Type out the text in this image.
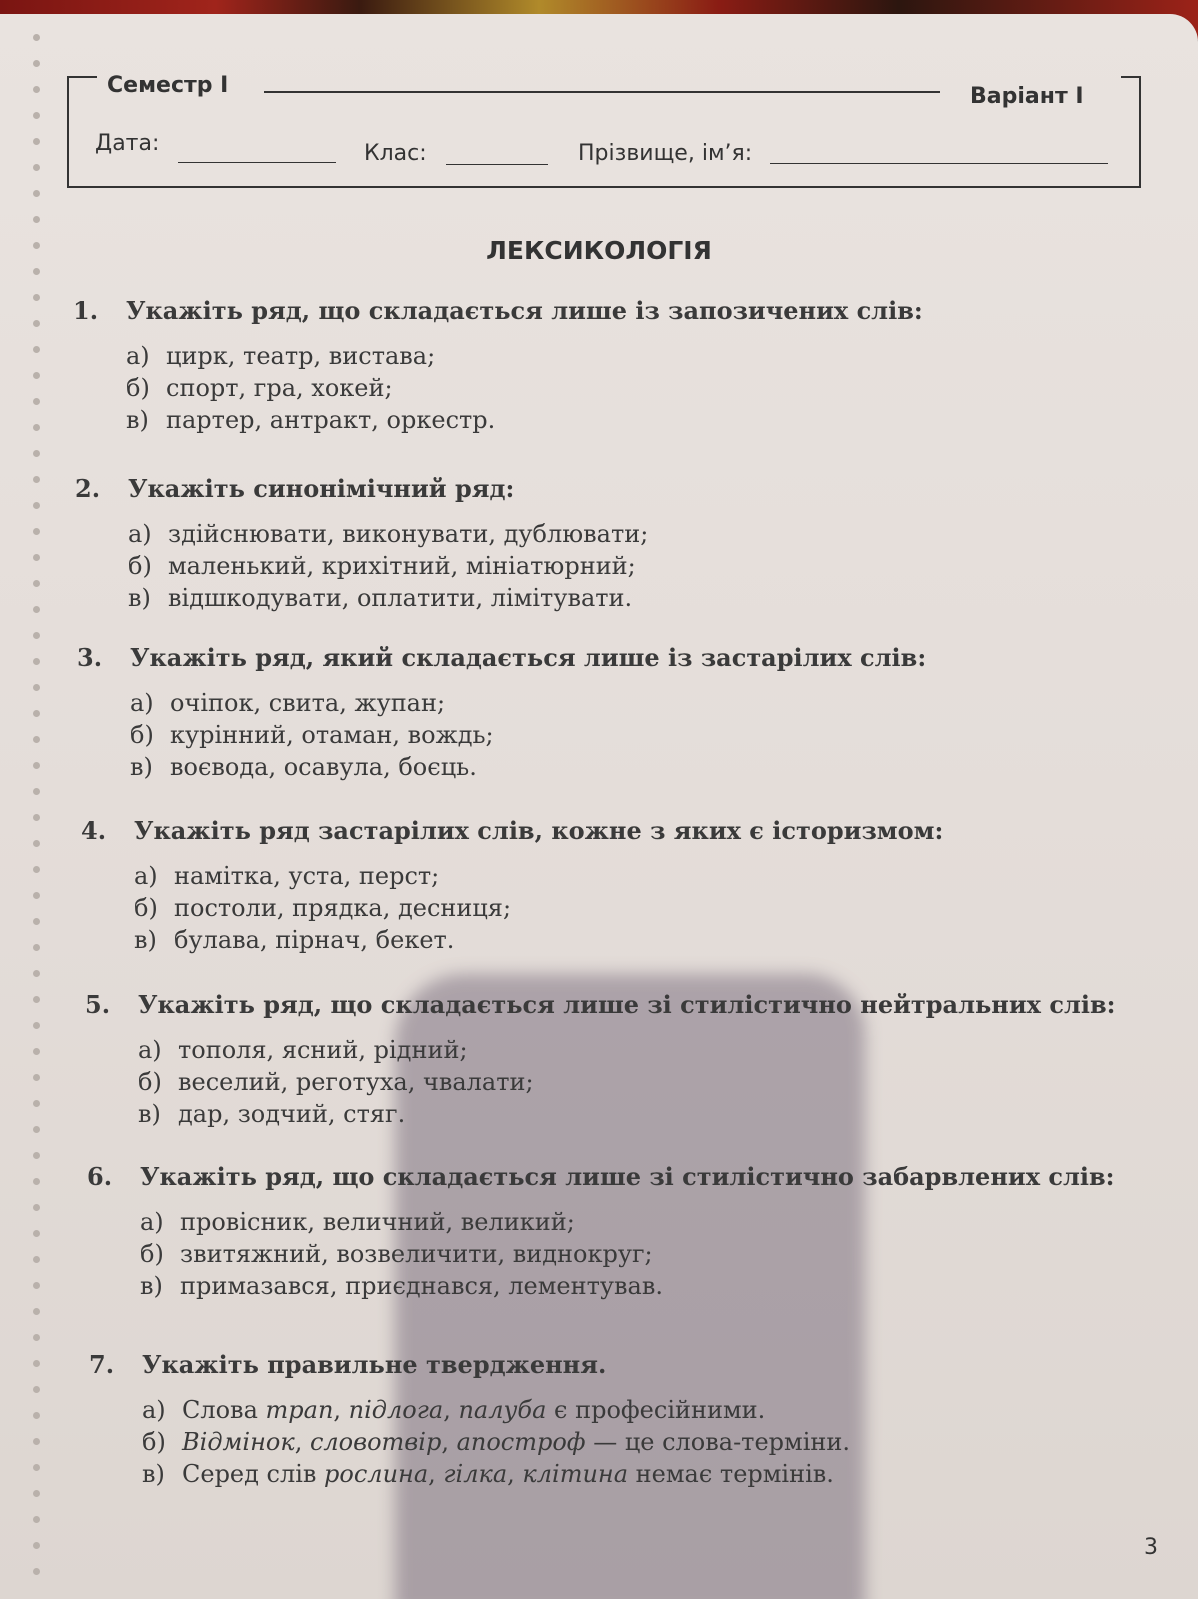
Семестр I	Варіант I
Дата:	Клас:	Прізвище, ім’я:
ЛЕКСИКОЛОГІЯ
1.	Укажіть ряд, що складається лише із запозичених слів:
а) цирк, театр, вистава;
б) спорт, гра, хокей;
в) партер, антракт, оркестр.
2.	Укажіть синонімічний ряд:
а) здійснювати, виконувати, дублювати;
б) маленький, крихітний, мініатюрний;
в) відшкодувати, оплатити, лімітувати.
3.	Укажіть ряд, який складається лише із застарілих слів:
а) очіпок, свита, жупан;
б) курінний, отаман, вождь;
в) воєвода, осавула, боєць.
4.	Укажіть ряд застарілих слів, кожне з яких є історизмом:
а) намітка, уста, перст;
б) постоли, прядка, десниця;
в) булава, пірнач, бекет.
5.	Укажіть ряд, що складається лише зі стилістично нейтральних слів:
а) тополя, ясний, рідний;
б) веселий, реготуха, чвалати;
в) дар, зодчий, стяг.
6.	Укажіть ряд, що складається лише зі стилістично забарвлених слів:
а) провісник, величний, великий;
б) звитяжний, возвеличити, виднокруг;
в) примазався, приєднався, лементував.
7.	Укажіть правильне твердження.
а) Слова трап, підлога, палуба є професійними.
б) Відмінок, словотвір, апостроф — це слова-терміни.
в) Серед слів рослина, гілка, клітина немає термінів.
3
